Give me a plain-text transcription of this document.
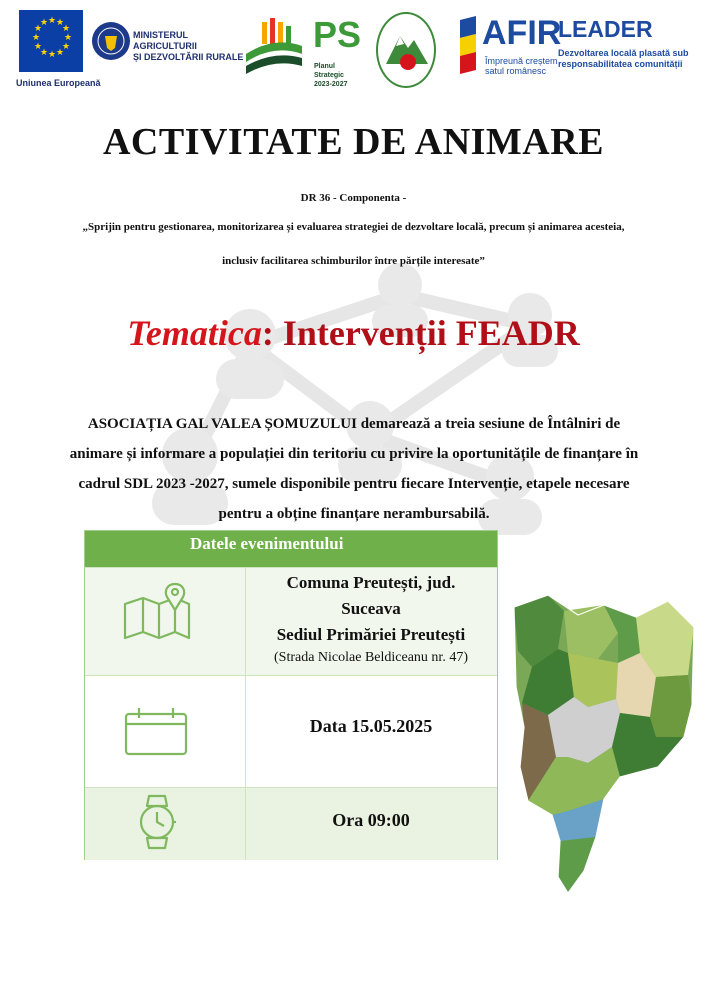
★ ★
★
★
★
★
★
★
★
★
★
★
Uniunea Europeană
MINISTERUL AGRICULTURII
ȘI DEZVOLTĂRII RURALE
PS
Planul Strategic
2023-2027
AFIR
Împreună creștem
satul românesc
LEADER
Dezvoltarea locală plasată sub
responsabilitatea comunității
ACTIVITATE DE ANIMARE
DR 36 - Componenta -
„Sprijin pentru gestionarea, monitorizarea și evaluarea strategiei de dezvoltare locală, precum și animarea acesteia, inclusiv facilitarea schimburilor între părțile interesate”
Tematica: Intervenții FEADR
ASOCIAȚIA GAL VALEA ȘOMUZULUI demarează a treia sesiune de Întâlniri de animare și informare a populației din teritoriu cu privire la oportunitățile de finanțare în cadrul SDL 2023 -2027, sumele disponibile pentru fiecare Intervenție, etapele necesare pentru a obține finanțare nerambursabilă.
Datele evenimentului
Comuna Preutești, jud.
Suceava
Sediul Primăriei Preutești
(Strada Nicolae Beldiceanu nr. 47)
Data 15.05.2025
Ora 09:00
